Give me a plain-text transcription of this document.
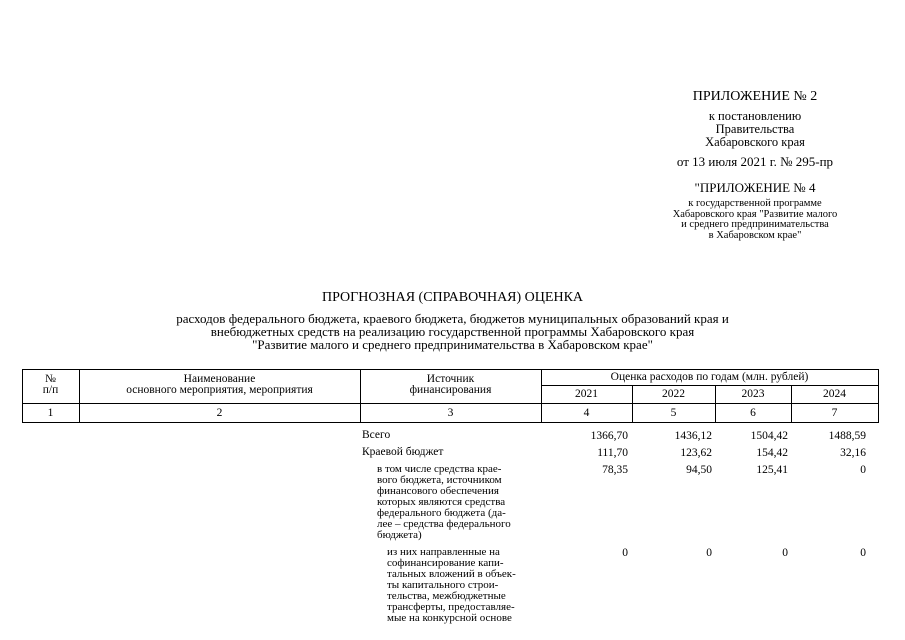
ПРИЛОЖЕНИЕ № 2
к постановлению
Правительства
Хабаровского края
от 13 июля 2021 г. № 295-пр
"ПРИЛОЖЕНИЕ № 4
к государственной программе
Хабаровского края "Развитие малого
и среднего предпринимательства
в Хабаровском крае"
ПРОГНОЗНАЯ (СПРАВОЧНАЯ) ОЦЕНКА
расходов федерального бюджета, краевого бюджета, бюджетов муниципальных образований края и
внебюджетных средств на реализацию государственной программы Хабаровского края
"Развитие малого и среднего предпринимательства в Хабаровском крае"
№
п/п
Наименование
основного мероприятия, мероприятия
Источник
финансирования
Оценка расходов по годам (млн. рублей)
2021	2022	2023	2024
1	2	3	4	5	6	7
Всего	1366,70	1436,12	1504,42	1488,59
Краевой бюджет	111,70	123,62	154,42	32,16
в том числе средства крае-
вого бюджета, источником
финансового обеспечения
которых являются средства
федерального бюджета (да-
лее – средства федерального
бюджета)
78,35	94,50	125,41	0
из них направленные на
софинансирование капи-
тальных вложений в объек-
ты капитального строи-
тельства, межбюджетные
трансферты, предоставляе-
мые на конкурсной основе
0	0	0	0
